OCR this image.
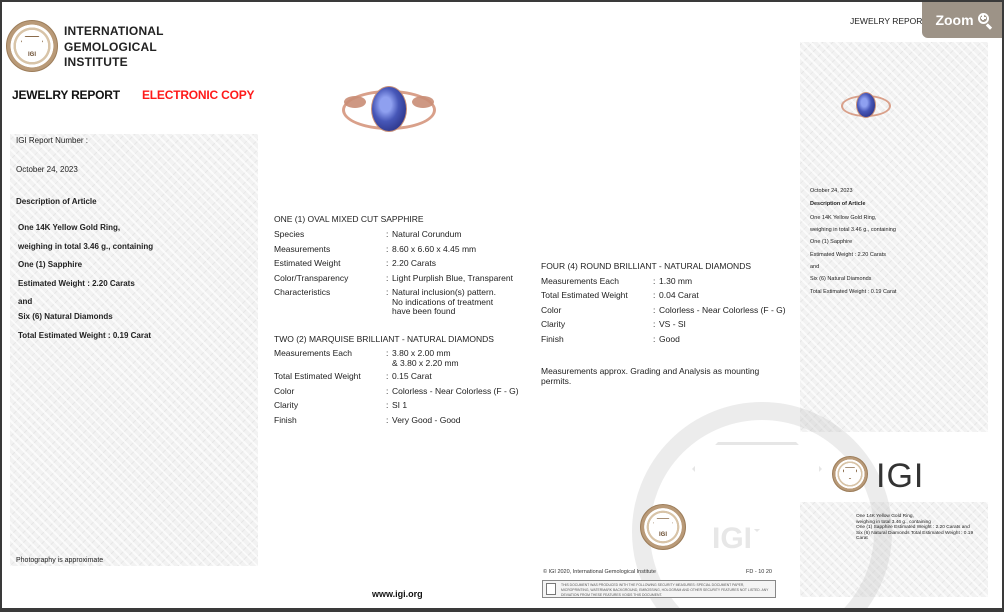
IGI
IGI
INTERNATIONAL
GEMOLOGICAL
INSTITUTE
JEWELRY REPORT ELECTRONIC COPY
JEWELRY REPOR Zoom
IGI Report Number :
October 24, 2023
Description of Article
One 14K Yellow Gold Ring,
weighing in total 3.46 g., containing
One (1) Sapphire
Estimated Weight : 2.20 Carats
and
Six (6) Natural Diamonds
Total Estimated Weight : 0.19 Carat
Photography is approximate
ONE (1) OVAL MIXED CUT SAPPHIRE
Species	: Natural Corundum
Measurements	: 8.60 x 6.60 x 4.45 mm
Estimated Weight	: 2.20 Carats
Color/Transparency	: Light Purplish Blue, Transparent
Characteristics	: Natural inclusion(s) pattern.
No indications of treatment
have been found
TWO (2) MARQUISE BRILLIANT - NATURAL DIAMONDS
Measurements Each	: 3.80 x 2.00 mm
& 3.80 x 2.20 mm
Total Estimated Weight	: 0.15 Carat
Color	: Colorless - Near Colorless (F - G)
Clarity	: SI 1
Finish	: Very Good - Good
FOUR (4) ROUND BRILLIANT - NATURAL DIAMONDS
Measurements Each	: 1.30 mm
Total Estimated Weight	: 0.04 Carat
Color	: Colorless - Near Colorless (F - G)
Clarity	: VS - SI
Finish	: Good
Measurements approx. Grading and Analysis as mounting
permits.
October 24, 2023
Description of Article
One 14K Yellow Gold Ring,
weighing in total 3.46 g., containing
One (1) Sapphire
Estimated Weight : 2.20 Carats
and
Six (6) Natural Diamonds
Total Estimated Weight : 0.19 Carat
IGI
One 14K Yellow Gold Ring,
weighing in total 3.46 g., containing
One (1) Sapphire Estimated Weight : 2.20 Carats and
Six (6) Natural Diamonds Total Estimated Weight : 0.19
Carat
IGI
© IGI 2020, International Gemological Institute	FD - 10 20
THIS DOCUMENT WAS PRODUCED WITH THE FOLLOWING SECURITY MEASURES: SPECIAL DOCUMENT PAPER, MICROPRINTING, WATERMARK BACKGROUND, EMBOSSING, HOLOGRAM AND OTHER SECURITY FEATURES NOT LISTED. ANY DEVIATION FROM THESE FEATURES VOIDS THIS DOCUMENT.
www.igi.org
